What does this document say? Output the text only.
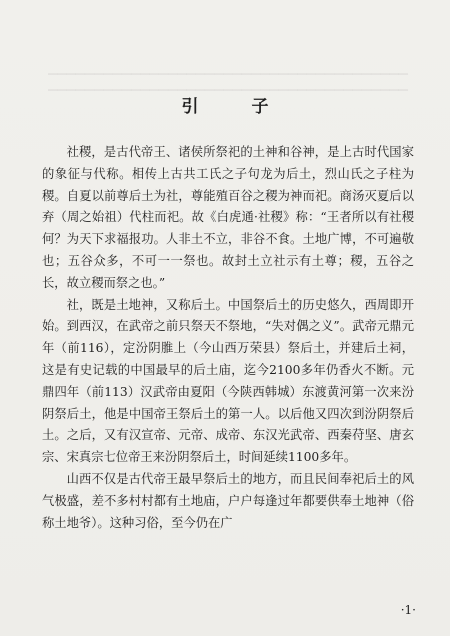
▁▁▁▁▁▁▁▁▁▁▁▁▁▁▁▁▁▁▁▁▁▁▁▁▁▁▁▁▁▁▁▁▁▁▁▁▁▁▁
▁▁▁▁▁▁▁▁▁▁▁▁▁▁▁▁▁▁▁▁▁▁▁▁▁▁▁▁▁▁▁▁▁▁▁▁▁▁▁
引　子

社稷，是古代帝王、诸侯所祭祀的土神和谷神，是上古时代国家的象征与代称。相传上古共工氏之子句龙为后土，烈山氏之子柱为稷。自夏以前尊后土为社，尊能殖百谷之稷为神而祀。商汤灭夏后以弃（周之始祖）代柱而祀。故《白虎通·社稷》称：“王者所以有社稷何？为天下求福报功。人非土不立，非谷不食。土地广博，不可遍敬也；五谷众多，不可一一祭也。故封土立社示有土尊；稷，五谷之长，故立稷而祭之也。”

社，既是土地神，又称后土。中国祭后土的历史悠久，西周即开始。到西汉，在武帝之前只祭天不祭地，“失对偶之义”。武帝元鼎元年（前116），定汾阴脽上（今山西万荣县）祭后土，并建后土祠，这是有史记载的中国最早的后土庙，迄今2100多年仍香火不断。元鼎四年（前113）汉武帝由夏阳（今陕西韩城）东渡黄河第一次来汾阴祭后土，他是中国帝王祭后土的第一人。以后他又四次到汾阴祭后土。之后，又有汉宣帝、元帝、成帝、东汉光武帝、西秦苻坚、唐玄宗、宋真宗七位帝王来汾阴祭后土，时间延续1100多年。

山西不仅是古代帝王最早祭后土的地方，而且民间奉祀后土的风气极盛，差不多村村都有土地庙，户户每逢过年都要供奉土地神（俗称土地爷）。这种习俗，至今仍在广

·1·
